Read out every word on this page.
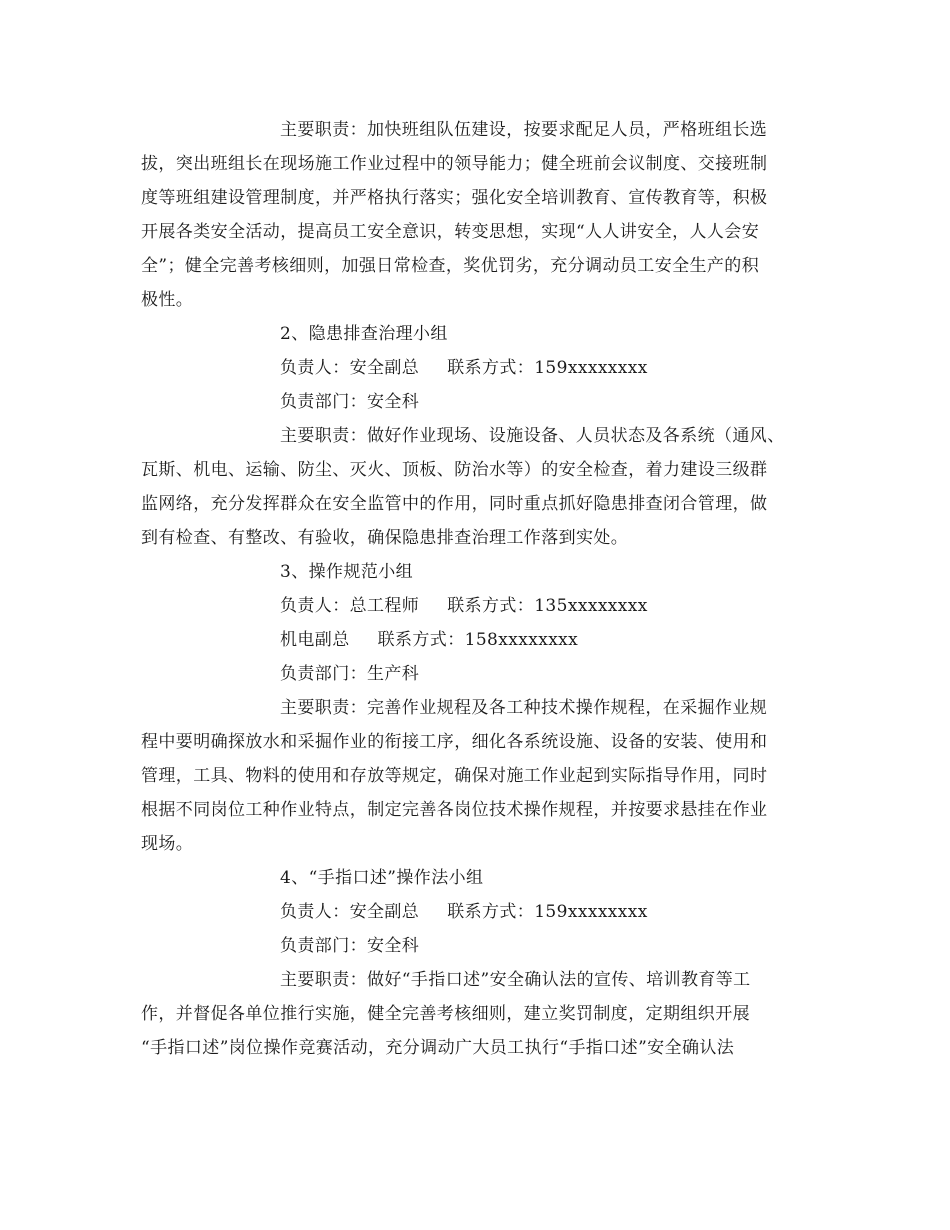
主要职责：加快班组队伍建设，按要求配足人员，严格班组长选
拔，突出班组长在现场施工作业过程中的领导能力；健全班前会议制度、交接班制
度等班组建设管理制度，并严格执行落实；强化安全培训教育、宣传教育等，积极
开展各类安全活动，提高员工安全意识，转变思想，实现“人人讲安全，人人会安
全”；健全完善考核细则，加强日常检查，奖优罚劣，充分调动员工安全生产的积
极性。
2、隐患排查治理小组
负责人：安全副总 联系方式：159xxxxxxxx
负责部门：安全科
主要职责：做好作业现场、设施设备、人员状态及各系统（通风、
瓦斯、机电、运输、防尘、灭火、顶板、防治水等）的安全检查，着力建设三级群
监网络，充分发挥群众在安全监管中的作用，同时重点抓好隐患排查闭合管理，做
到有检查、有整改、有验收，确保隐患排查治理工作落到实处。
3、操作规范小组
负责人：总工程师 联系方式：135xxxxxxxx
机电副总 联系方式：158xxxxxxxx
负责部门：生产科
主要职责：完善作业规程及各工种技术操作规程，在采掘作业规
程中要明确探放水和采掘作业的衔接工序，细化各系统设施、设备的安装、使用和
管理，工具、物料的使用和存放等规定，确保对施工作业起到实际指导作用，同时
根据不同岗位工种作业特点，制定完善各岗位技术操作规程，并按要求悬挂在作业
现场。
4、“手指口述”操作法小组
负责人：安全副总 联系方式：159xxxxxxxx
负责部门：安全科
主要职责：做好“手指口述”安全确认法的宣传、培训教育等工
作，并督促各单位推行实施，健全完善考核细则，建立奖罚制度，定期组织开展
“手指口述”岗位操作竞赛活动，充分调动广大员工执行“手指口述”安全确认法
